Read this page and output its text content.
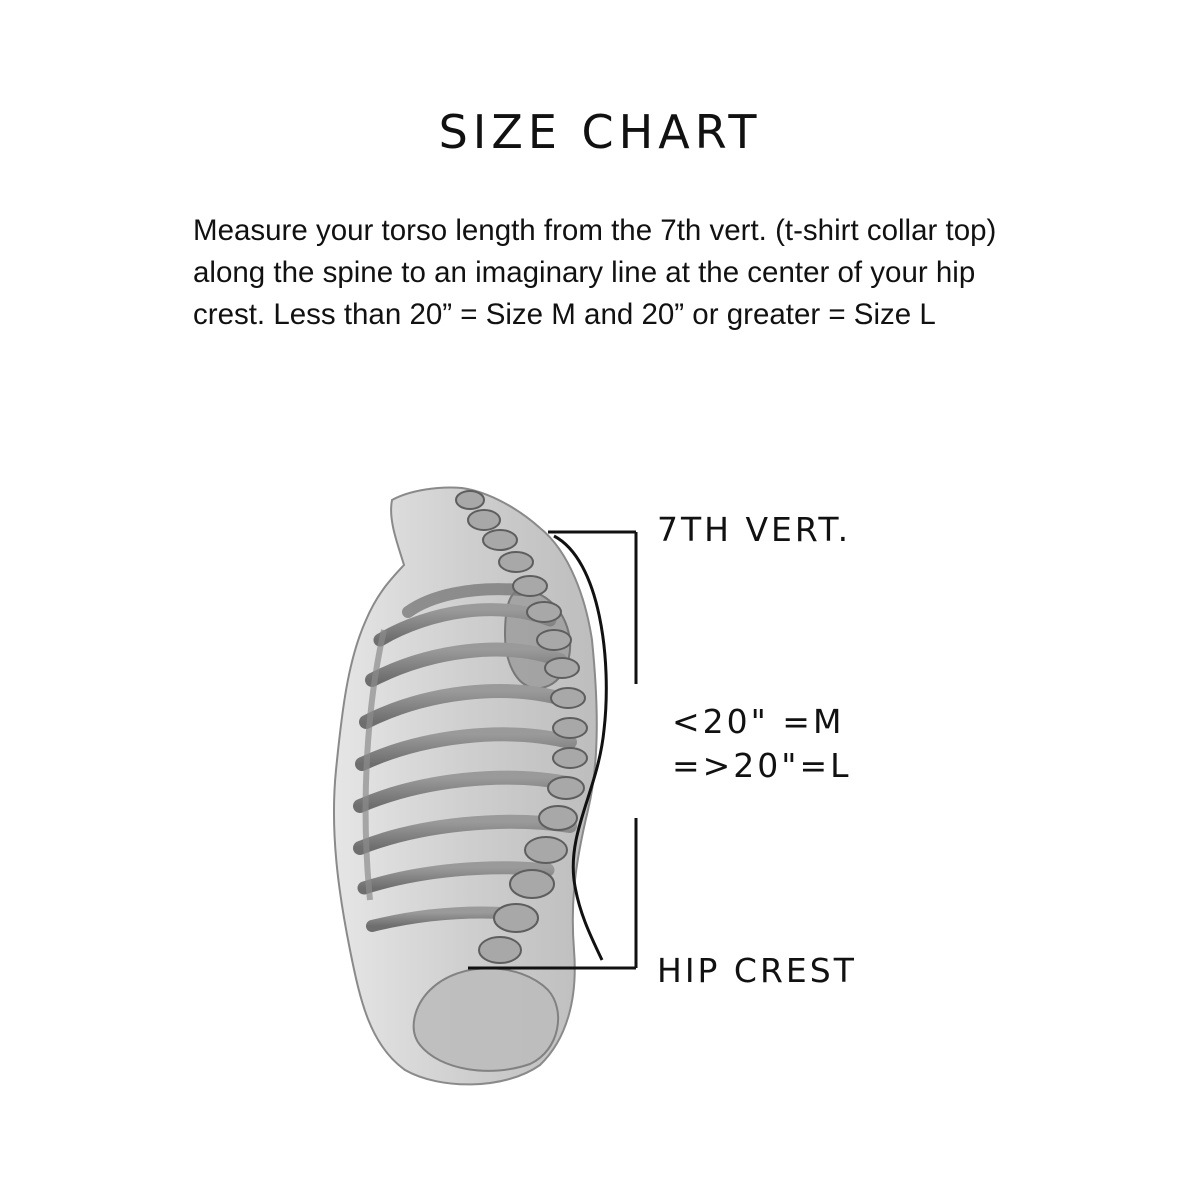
SIZE CHART
Measure your torso length from the 7th vert. (t-shirt collar top) along the spine to an imaginary line at the center of your hip crest. Less than 20” = Size M and 20” or greater = Size L
7TH VERT.
<20" =M
=>20"=L
HIP CREST
